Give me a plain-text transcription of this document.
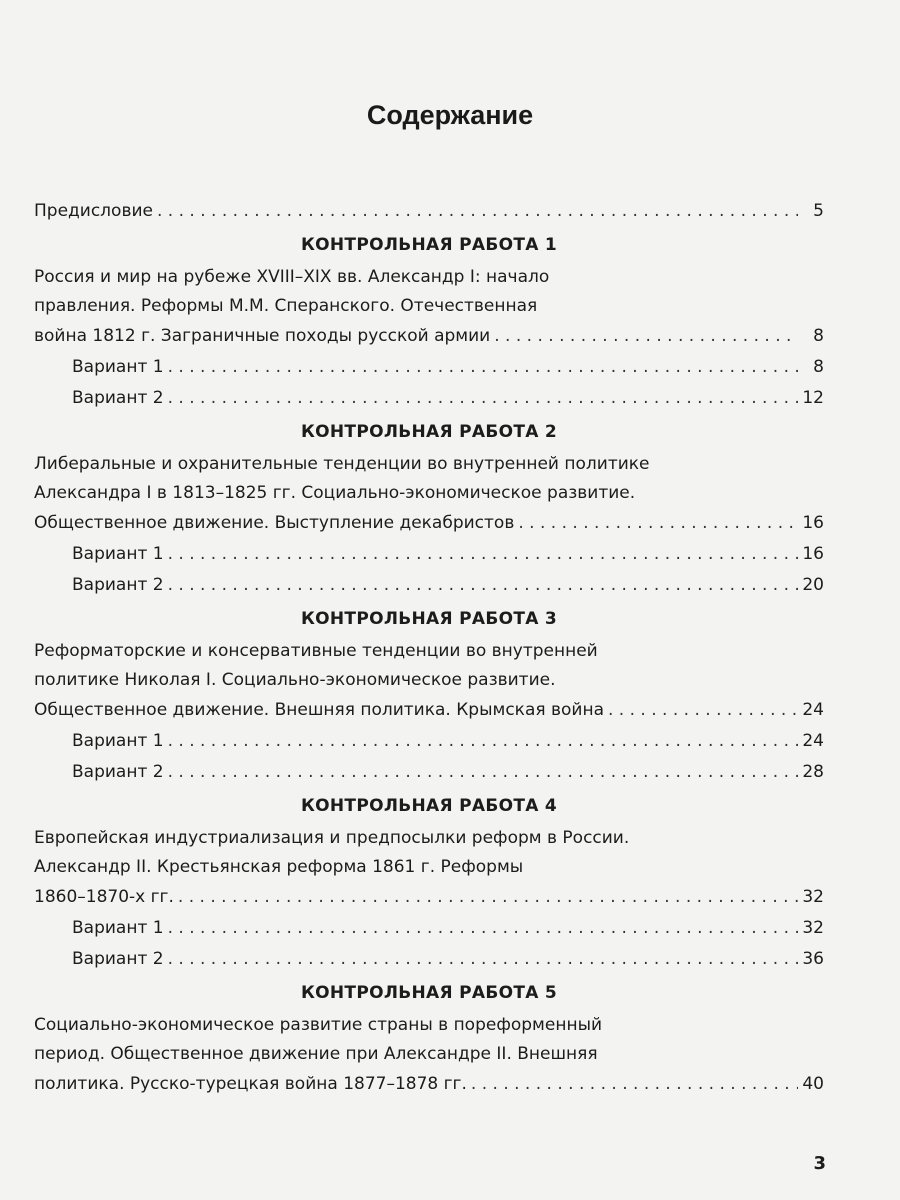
Содержание
Предисловие . . .	5
КОНТРОЛЬНАЯ РАБОТА 1
Россия и мир на рубеже XVIII–XIX вв. Александр I: начало
правления. Реформы М.М. Сперанского. Отечественная
война 1812 г. Заграничные походы русской армии . . .	8
Вариант 1 . . .	8
Вариант 2 . . .	12
КОНТРОЛЬНАЯ РАБОТА 2
Либеральные и охранительные тенденции во внутренней политике
Александра I в 1813–1825 гг. Социально-экономическое развитие.
Общественное движение. Выступление декабристов . . .	16
Вариант 1 . . .	16
Вариант 2 . . .	20
КОНТРОЛЬНАЯ РАБОТА 3
Реформаторские и консервативные тенденции во внутренней
политике Николая I. Социально-экономическое развитие.
Общественное движение. Внешняя политика. Крымская война . . .	24
Вариант 1 . . .	24
Вариант 2 . . .	28
КОНТРОЛЬНАЯ РАБОТА 4
Европейская индустриализация и предпосылки реформ в России.
Александр II. Крестьянская реформа 1861 г. Реформы
1860–1870-х гг. . . .	32
Вариант 1 . . .	32
Вариант 2 . . .	36
КОНТРОЛЬНАЯ РАБОТА 5
Социально-экономическое развитие страны в пореформенный
период. Общественное движение при Александре II. Внешняя
политика. Русско-турецкая война 1877–1878 гг. . . .	40
3
